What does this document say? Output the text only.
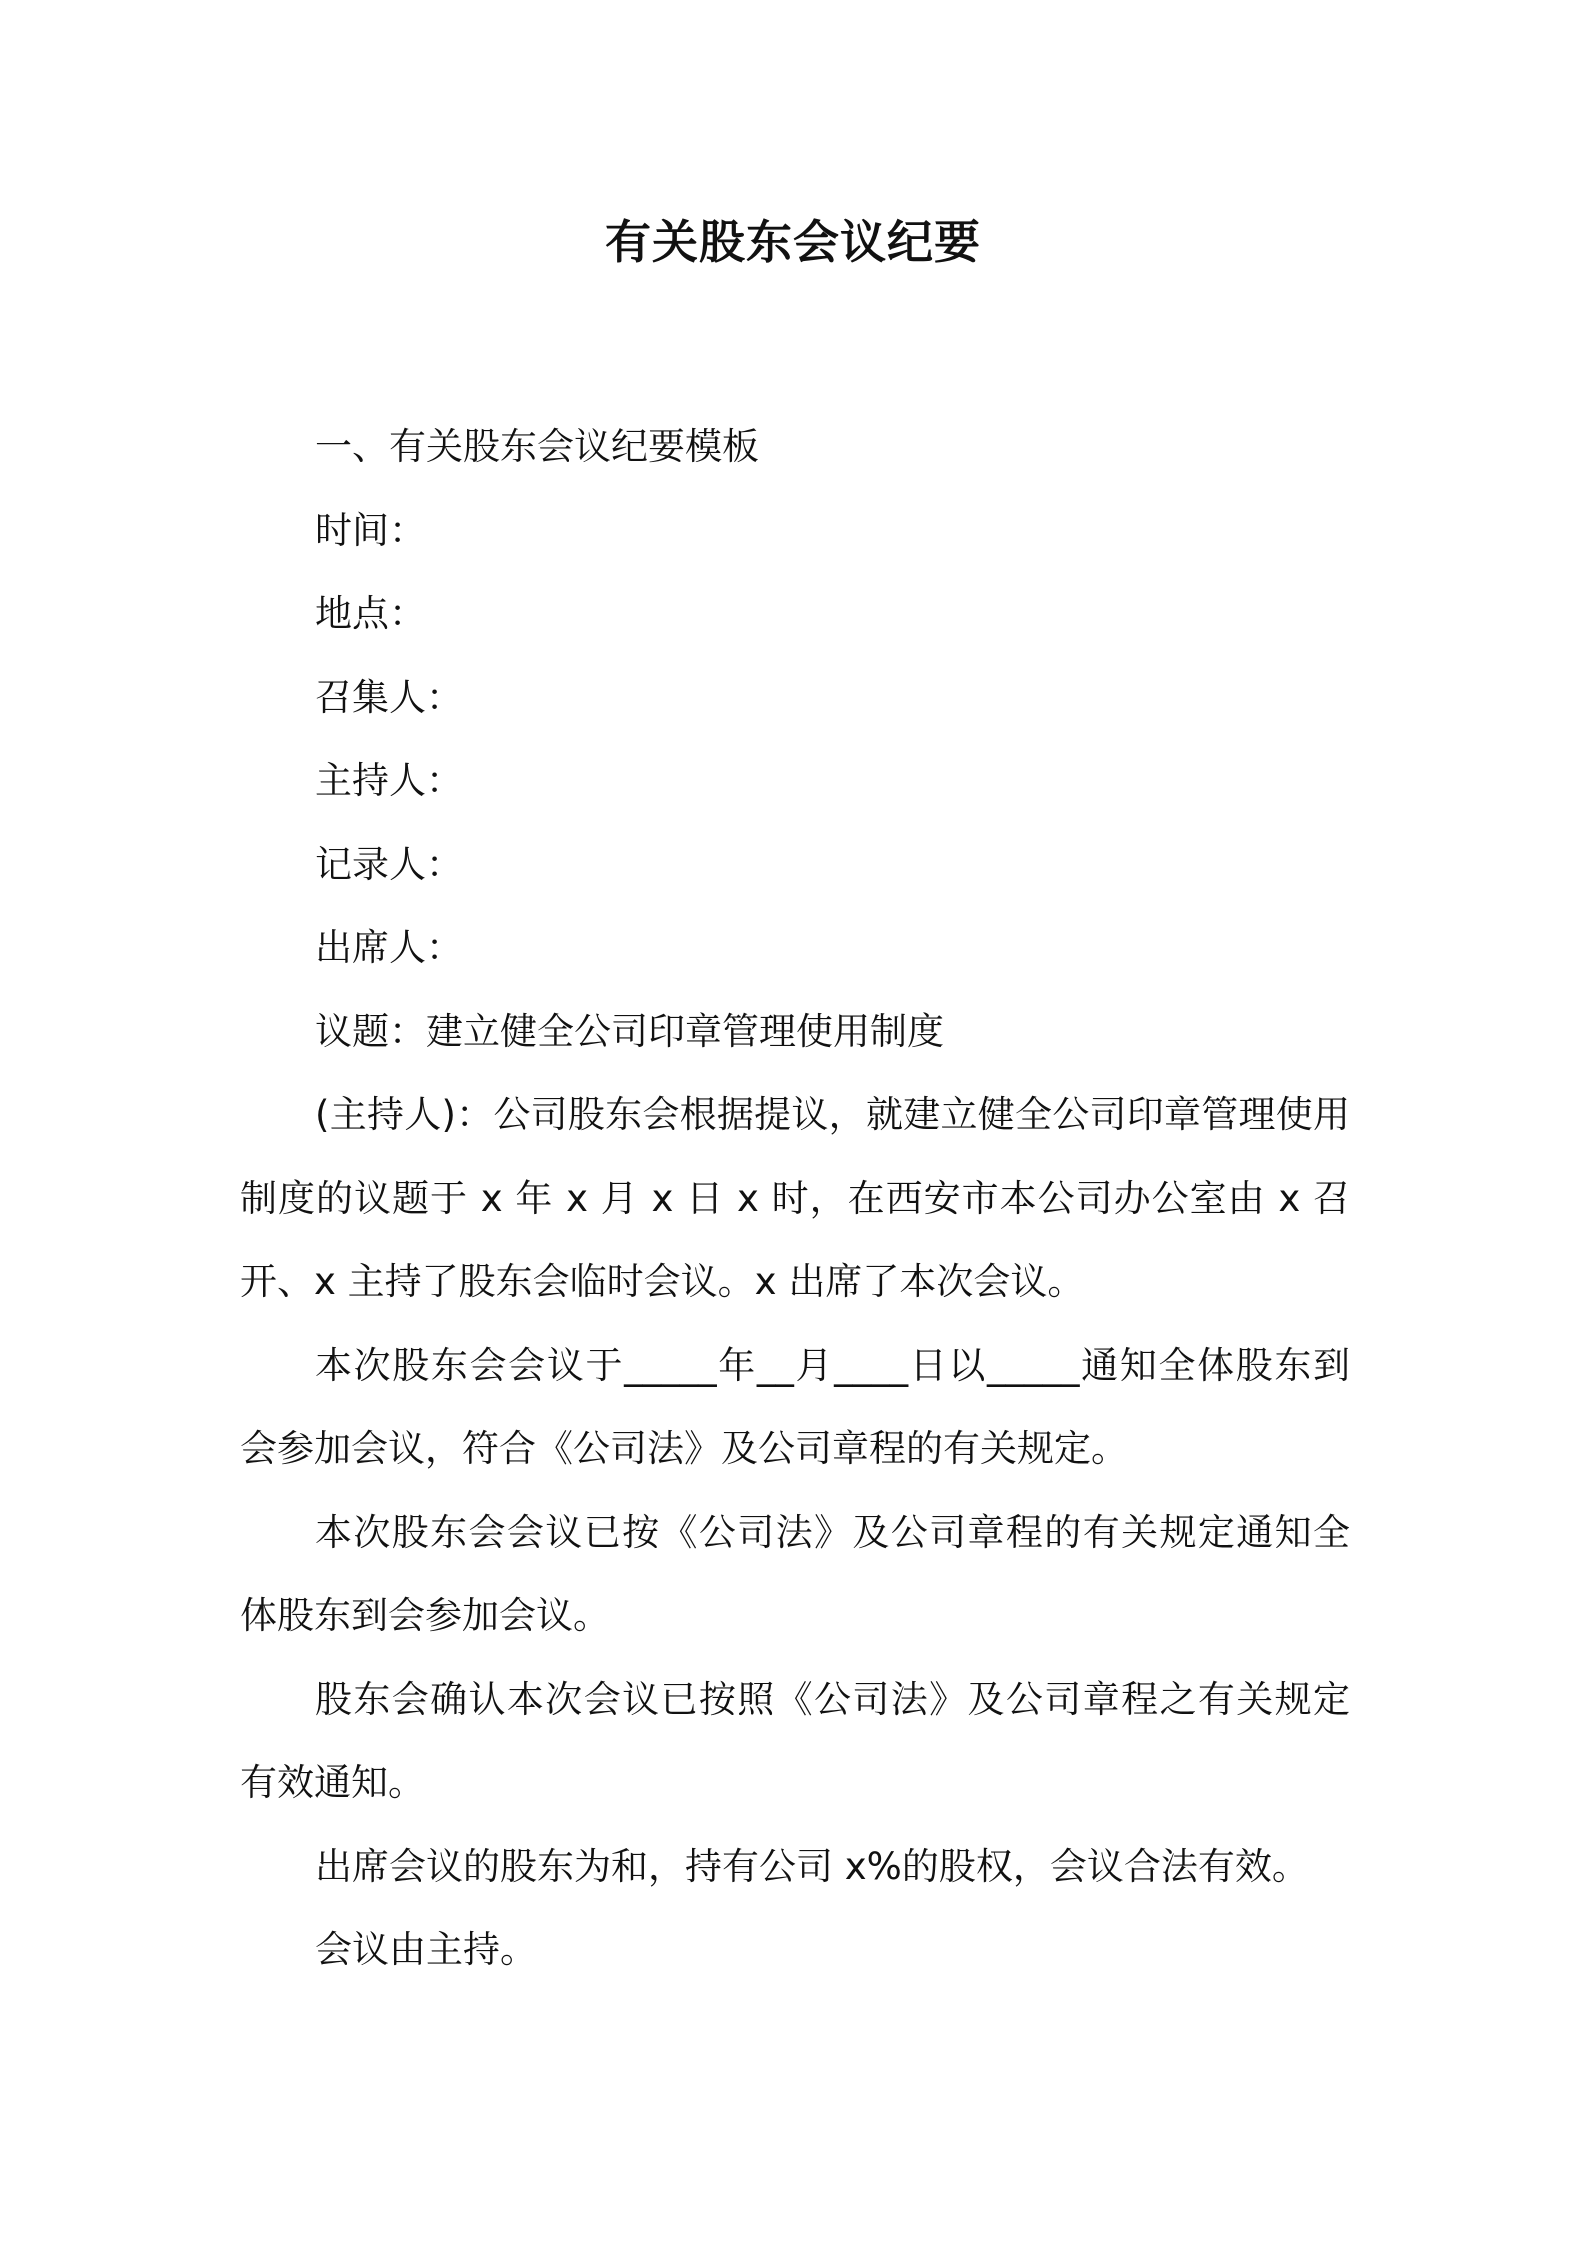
有关股东会议纪要

一、有关股东会议纪要模板

时间：

地点：

召集人：

主持人：

记录人：

出席人：

议题：建立健全公司印章管理使用制度

(主持人)：公司股东会根据提议，就建立健全公司印章管理使用制度的议题于 x 年 x 月 x 日 x 时，在西安市本公司办公室由 x 召开、x 主持了股东会临时会议。x 出席了本次会议。

本次股东会会议于_____年__月____日以_____通知全体股东到会参加会议，符合《公司法》及公司章程的有关规定。

本次股东会会议已按《公司法》及公司章程的有关规定通知全体股东到会参加会议。

股东会确认本次会议已按照《公司法》及公司章程之有关规定有效通知。

出席会议的股东为和，持有公司 x%的股权，会议合法有效。

会议由主持。
